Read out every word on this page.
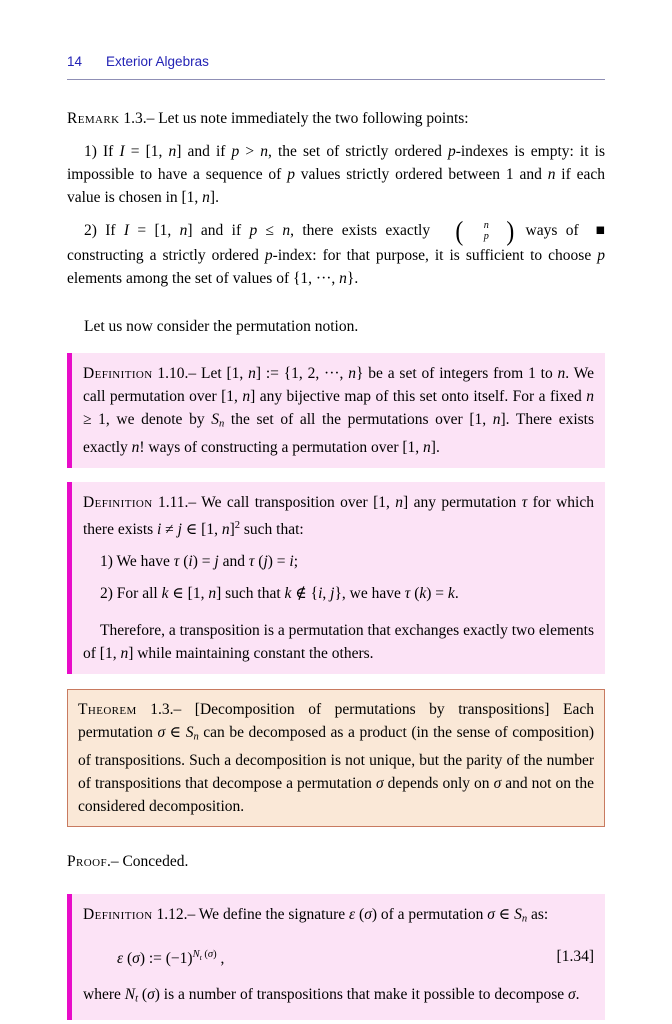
14 Exterior Algebras

Remark 1.3.– Let us note immediately the two following points:

1) If I = [1, n] and if p > n, the set of strictly ordered p-indexes is empty: it is impossible to have a sequence of p values strictly ordered between 1 and n if each value is chosen in [1, n].

■
2) If I = [1, n] and if p ≤ n, there exists exactly (	n
p ) ways of constructing a strictly ordered p-index: for that purpose, it is sufficient to choose p elements among the set of values of {1, ···, n}.

Let us now consider the permutation notion.

Definition 1.10.– Let [1, n] := {1, 2, ···, n} be a set of integers from 1 to n. We call permutation over [1, n] any bijective map of this set onto itself. For a fixed n ≥ 1, we denote by $S_n$ the set of all the permutations over [1, n]. There exists exactly n! ways of constructing a permutation over [1, n].

Definition 1.11.– We call transposition over [1, n] any permutation τ for which there exists i ≠ j ∈ [1, n]$^2$ such that:

1) We have τ (i) = j and τ (j) = i;

2) For all k ∈ [1, n] such that k ∉ {i, j}, we have τ (k) = k.

Therefore, a transposition is a permutation that exchanges exactly two elements of [1, n] while maintaining constant the others.

Theorem 1.3.– [Decomposition of permutations by transpositions] Each permutation σ ∈ $S_n$ can be decomposed as a product (in the sense of composition) of transpositions. Such a decomposition is not unique, but the parity of the number of transpositions that decompose a permutation σ depends only on σ and not on the considered decomposition.

Proof.– Conceded.

Definition 1.12.– We define the signature ε (σ) of a permutation σ ∈ $S_n$ as:

ε (σ) := $(-1)^{Nt}$ $^{(\sigma)}$ ,	[1.34]

where $N_t$ (σ) is a number of transpositions that make it possible to decompose σ.
